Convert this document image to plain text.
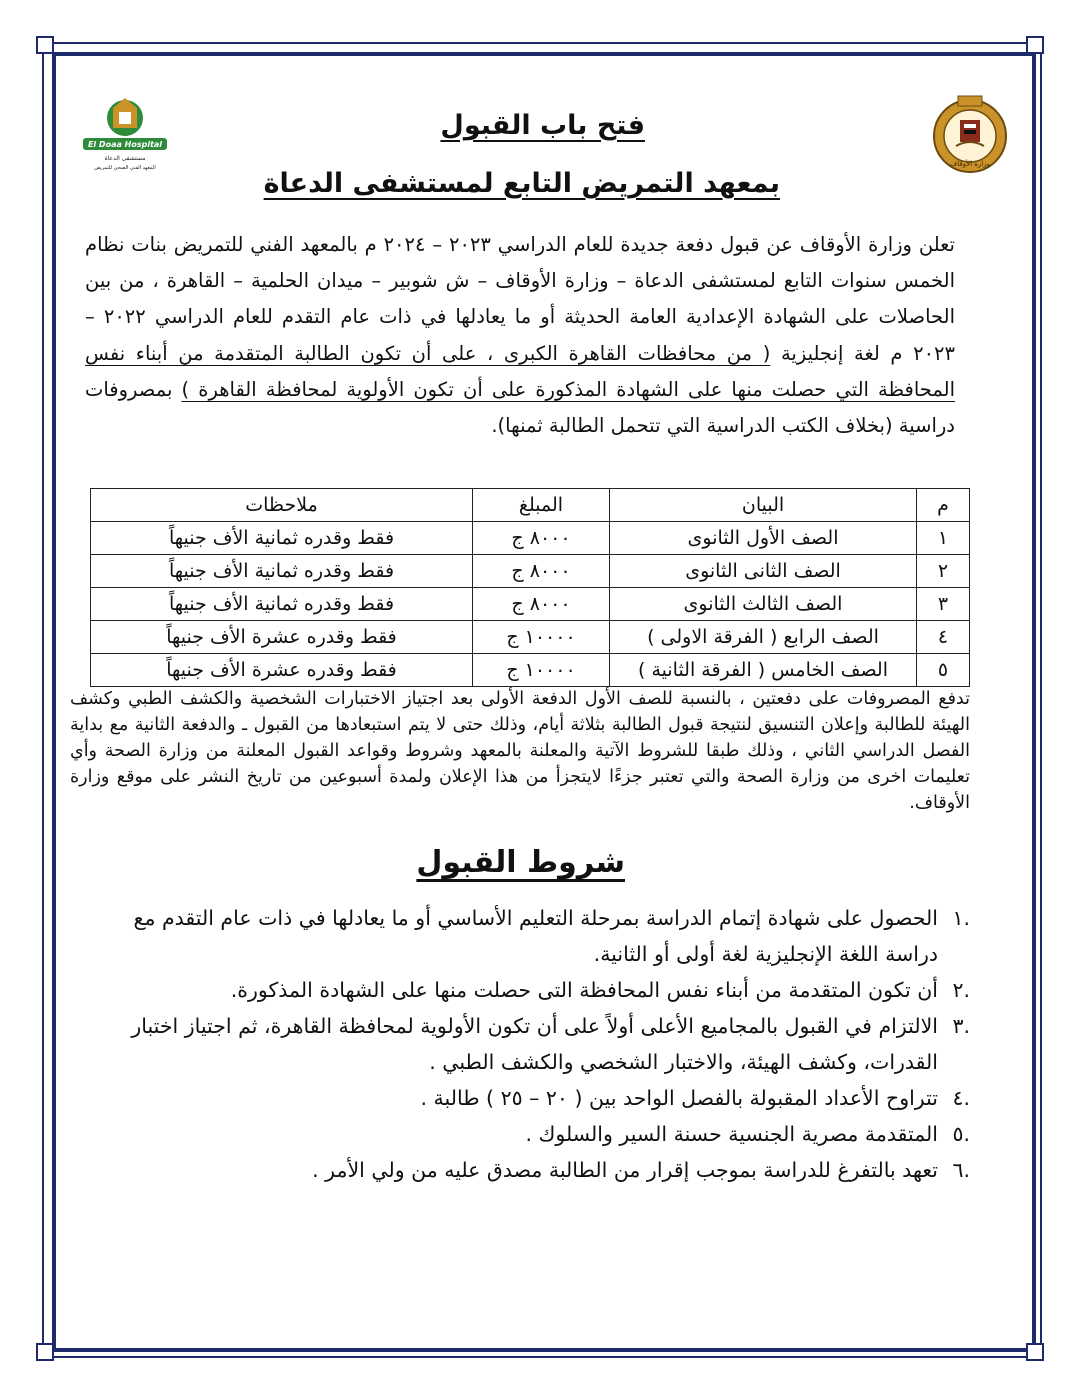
وزارة الأوقاف
El Doaa Hospital
مستشفى الدعاة
المعهد الفني الصحي للتمريض
فتح باب القبول
بمعهد التمريض التابع لمستشفى الدعاة
تعلن وزارة الأوقاف عن قبول دفعة جديدة للعام الدراسي ٢٠٢٣ – ٢٠٢٤ م بالمعهد الفني للتمريض بنات نظام الخمس سنوات التابع لمستشفى الدعاة – وزارة الأوقاف – ش شوبير – ميدان الحلمية – القاهرة ، من بين الحاصلات على الشهادة الإعدادية العامة الحديثة أو ما يعادلها في ذات عام التقدم للعام الدراسي ٢٠٢٢ – ٢٠٢٣ م لغة إنجليزية ( من محافظات القاهرة الكبرى ، على أن تكون الطالبة المتقدمة من أبناء نفس المحافظة التي حصلت منها على الشهادة المذكورة على أن تكون الأولوية لمحافظة القاهرة ) بمصروفات دراسية (بخلاف الكتب الدراسية التي تتحمل الطالبة ثمنها).
م	البيان	المبلغ	ملاحظات
١	الصف الأول الثانوى	٨٠٠٠ ج	فقط وقدره ثمانية الأف جنيهاً
٢	الصف الثانى الثانوى	٨٠٠٠ ج	فقط وقدره ثمانية الأف جنيهاً
٣	الصف الثالث الثانوى	٨٠٠٠ ج	فقط وقدره ثمانية الأف جنيهاً
٤	الصف الرابع ( الفرقة الاولى )	١٠٠٠٠ ج	فقط وقدره عشرة الأف جنيهاً
٥	الصف الخامس ( الفرقة الثانية )	١٠٠٠٠ ج	فقط وقدره عشرة الأف جنيهاً
تدفع المصروفات على دفعتين ، بالنسبة للصف الأول الدفعة الأولى بعد اجتياز الاختبارات الشخصية والكشف الطبي وكشف الهيئة للطالبة وإعلان التنسيق لنتيجة قبول الطالبة بثلاثة أيام، وذلك حتى لا يتم استبعادها من القبول ـ والدفعة الثانية مع بداية الفصل الدراسي الثاني ، وذلك طبقا للشروط الآتية والمعلنة بالمعهد وشروط وقواعد القبول المعلنة من وزارة الصحة وأي تعليمات اخرى من وزارة الصحة والتي تعتبر جزءًا لايتجزأ من هذا الإعلان ولمدة أسبوعين من تاريخ النشر على موقع وزارة الأوقاف.
شروط القبول
.١
الحصول على شهادة إتمام الدراسة بمرحلة التعليم الأساسي أو ما يعادلها في ذات عام التقدم مع دراسة اللغة الإنجليزية لغة أولى أو الثانية.
.٢
أن تكون المتقدمة من أبناء نفس المحافظة التى حصلت منها على الشهادة المذكورة.
.٣
الالتزام في القبول بالمجاميع الأعلى أولاً على أن تكون الأولوية لمحافظة القاهرة، ثم اجتياز اختبار القدرات، وكشف الهيئة، والاختبار الشخصي والكشف الطبي .
.٤
تتراوح الأعداد المقبولة بالفصل الواحد بين ( ٢٠ – ٢٥ ) طالبة .
.٥
المتقدمة مصرية الجنسية حسنة السير والسلوك .
.٦
تعهد بالتفرغ للدراسة بموجب إقرار من الطالبة مصدق عليه من ولي الأمر .
